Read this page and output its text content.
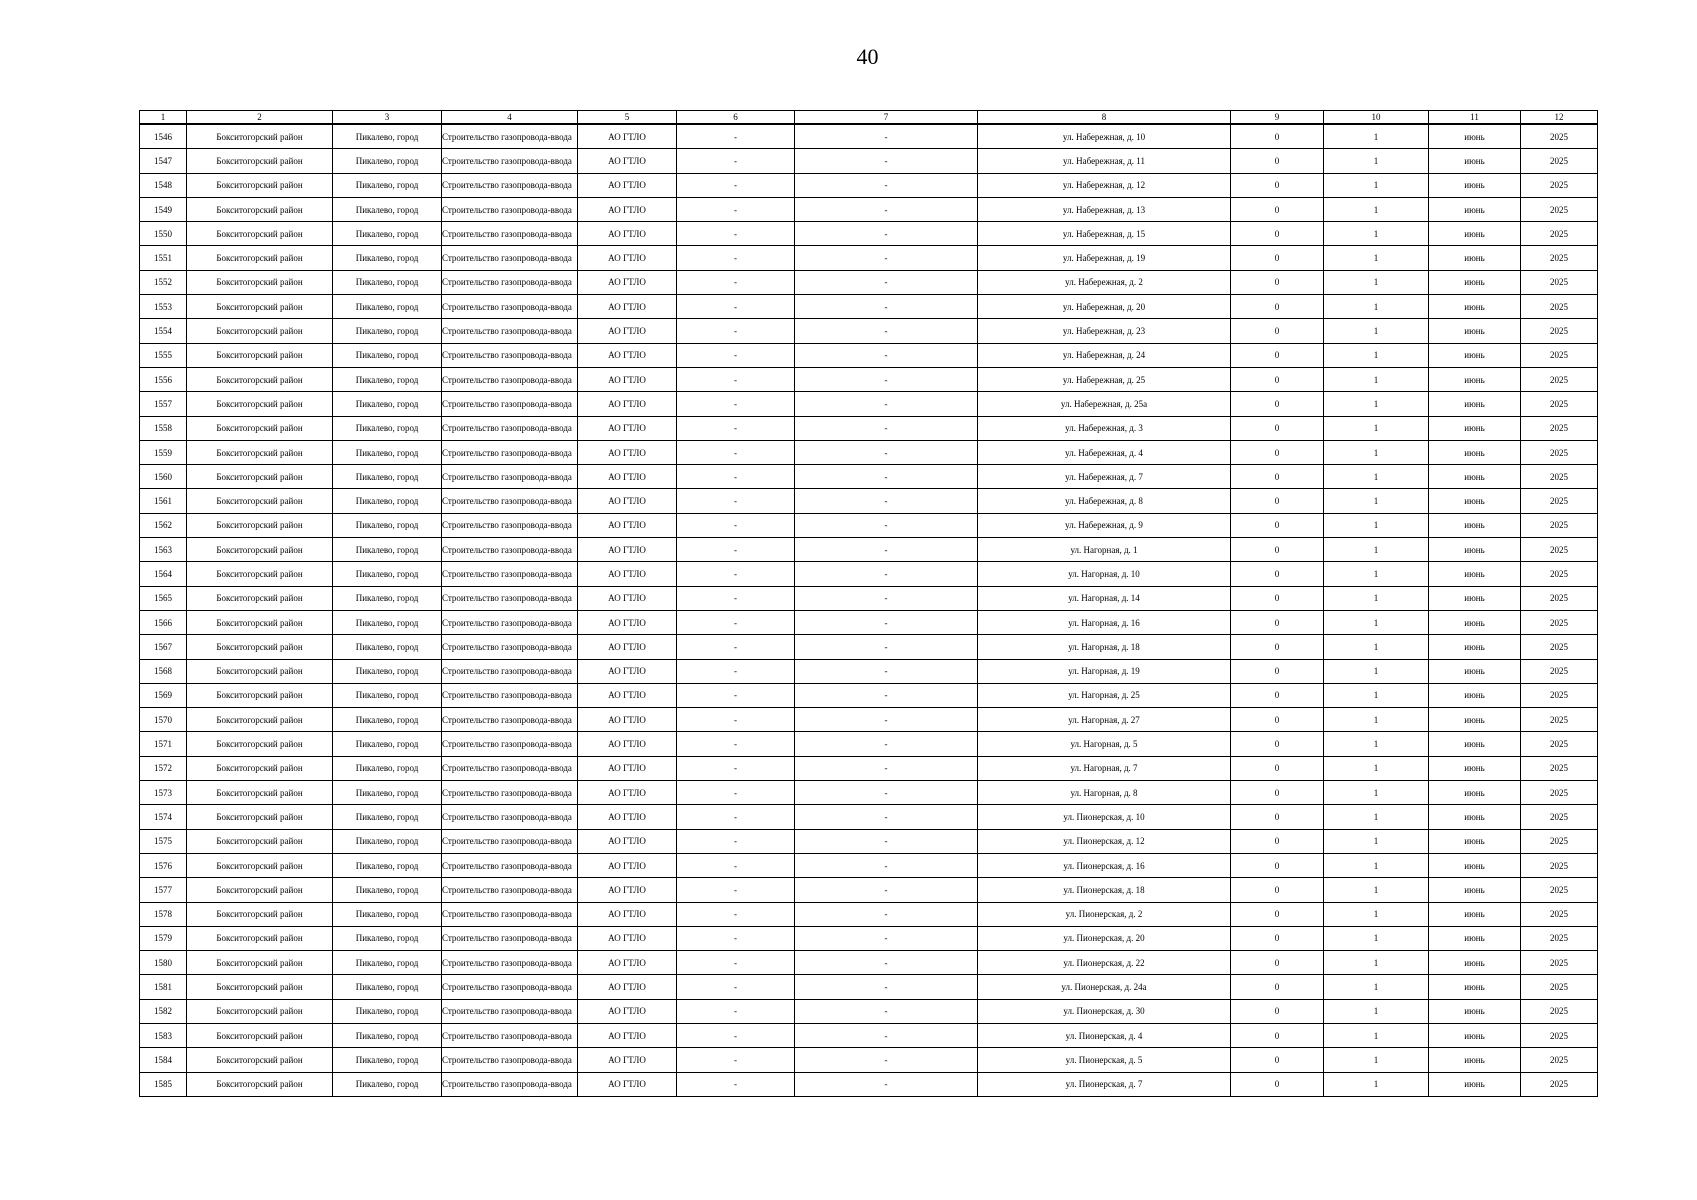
40
1	2	3	4	5	6	7	8	9	10	11	12
1546	Бокситогорский район	Пикалево, город	Строительство газопровода-ввода	АО ГТЛО	-	-	ул. Набережная, д. 10	0	1	июнь	2025
1547	Бокситогорский район	Пикалево, город	Строительство газопровода-ввода	АО ГТЛО	-	-	ул. Набережная, д. 11	0	1	июнь	2025
1548	Бокситогорский район	Пикалево, город	Строительство газопровода-ввода	АО ГТЛО	-	-	ул. Набережная, д. 12	0	1	июнь	2025
1549	Бокситогорский район	Пикалево, город	Строительство газопровода-ввода	АО ГТЛО	-	-	ул. Набережная, д. 13	0	1	июнь	2025
1550	Бокситогорский район	Пикалево, город	Строительство газопровода-ввода	АО ГТЛО	-	-	ул. Набережная, д. 15	0	1	июнь	2025
1551	Бокситогорский район	Пикалево, город	Строительство газопровода-ввода	АО ГТЛО	-	-	ул. Набережная, д. 19	0	1	июнь	2025
1552	Бокситогорский район	Пикалево, город	Строительство газопровода-ввода	АО ГТЛО	-	-	ул. Набережная, д. 2	0	1	июнь	2025
1553	Бокситогорский район	Пикалево, город	Строительство газопровода-ввода	АО ГТЛО	-	-	ул. Набережная, д. 20	0	1	июнь	2025
1554	Бокситогорский район	Пикалево, город	Строительство газопровода-ввода	АО ГТЛО	-	-	ул. Набережная, д. 23	0	1	июнь	2025
1555	Бокситогорский район	Пикалево, город	Строительство газопровода-ввода	АО ГТЛО	-	-	ул. Набережная, д. 24	0	1	июнь	2025
1556	Бокситогорский район	Пикалево, город	Строительство газопровода-ввода	АО ГТЛО	-	-	ул. Набережная, д. 25	0	1	июнь	2025
1557	Бокситогорский район	Пикалево, город	Строительство газопровода-ввода	АО ГТЛО	-	-	ул. Набережная, д. 25а	0	1	июнь	2025
1558	Бокситогорский район	Пикалево, город	Строительство газопровода-ввода	АО ГТЛО	-	-	ул. Набережная, д. 3	0	1	июнь	2025
1559	Бокситогорский район	Пикалево, город	Строительство газопровода-ввода	АО ГТЛО	-	-	ул. Набережная, д. 4	0	1	июнь	2025
1560	Бокситогорский район	Пикалево, город	Строительство газопровода-ввода	АО ГТЛО	-	-	ул. Набережная, д. 7	0	1	июнь	2025
1561	Бокситогорский район	Пикалево, город	Строительство газопровода-ввода	АО ГТЛО	-	-	ул. Набережная, д. 8	0	1	июнь	2025
1562	Бокситогорский район	Пикалево, город	Строительство газопровода-ввода	АО ГТЛО	-	-	ул. Набережная, д. 9	0	1	июнь	2025
1563	Бокситогорский район	Пикалево, город	Строительство газопровода-ввода	АО ГТЛО	-	-	ул. Нагорная, д. 1	0	1	июнь	2025
1564	Бокситогорский район	Пикалево, город	Строительство газопровода-ввода	АО ГТЛО	-	-	ул. Нагорная, д. 10	0	1	июнь	2025
1565	Бокситогорский район	Пикалево, город	Строительство газопровода-ввода	АО ГТЛО	-	-	ул. Нагорная, д. 14	0	1	июнь	2025
1566	Бокситогорский район	Пикалево, город	Строительство газопровода-ввода	АО ГТЛО	-	-	ул. Нагорная, д. 16	0	1	июнь	2025
1567	Бокситогорский район	Пикалево, город	Строительство газопровода-ввода	АО ГТЛО	-	-	ул. Нагорная, д. 18	0	1	июнь	2025
1568	Бокситогорский район	Пикалево, город	Строительство газопровода-ввода	АО ГТЛО	-	-	ул. Нагорная, д. 19	0	1	июнь	2025
1569	Бокситогорский район	Пикалево, город	Строительство газопровода-ввода	АО ГТЛО	-	-	ул. Нагорная, д. 25	0	1	июнь	2025
1570	Бокситогорский район	Пикалево, город	Строительство газопровода-ввода	АО ГТЛО	-	-	ул. Нагорная, д. 27	0	1	июнь	2025
1571	Бокситогорский район	Пикалево, город	Строительство газопровода-ввода	АО ГТЛО	-	-	ул. Нагорная, д. 5	0	1	июнь	2025
1572	Бокситогорский район	Пикалево, город	Строительство газопровода-ввода	АО ГТЛО	-	-	ул. Нагорная, д. 7	0	1	июнь	2025
1573	Бокситогорский район	Пикалево, город	Строительство газопровода-ввода	АО ГТЛО	-	-	ул. Нагорная, д. 8	0	1	июнь	2025
1574	Бокситогорский район	Пикалево, город	Строительство газопровода-ввода	АО ГТЛО	-	-	ул. Пионерская, д. 10	0	1	июнь	2025
1575	Бокситогорский район	Пикалево, город	Строительство газопровода-ввода	АО ГТЛО	-	-	ул. Пионерская, д. 12	0	1	июнь	2025
1576	Бокситогорский район	Пикалево, город	Строительство газопровода-ввода	АО ГТЛО	-	-	ул. Пионерская, д. 16	0	1	июнь	2025
1577	Бокситогорский район	Пикалево, город	Строительство газопровода-ввода	АО ГТЛО	-	-	ул. Пионерская, д. 18	0	1	июнь	2025
1578	Бокситогорский район	Пикалево, город	Строительство газопровода-ввода	АО ГТЛО	-	-	ул. Пионерская, д. 2	0	1	июнь	2025
1579	Бокситогорский район	Пикалево, город	Строительство газопровода-ввода	АО ГТЛО	-	-	ул. Пионерская, д. 20	0	1	июнь	2025
1580	Бокситогорский район	Пикалево, город	Строительство газопровода-ввода	АО ГТЛО	-	-	ул. Пионерская, д. 22	0	1	июнь	2025
1581	Бокситогорский район	Пикалево, город	Строительство газопровода-ввода	АО ГТЛО	-	-	ул. Пионерская, д. 24а	0	1	июнь	2025
1582	Бокситогорский район	Пикалево, город	Строительство газопровода-ввода	АО ГТЛО	-	-	ул. Пионерская, д. 30	0	1	июнь	2025
1583	Бокситогорский район	Пикалево, город	Строительство газопровода-ввода	АО ГТЛО	-	-	ул. Пионерская, д. 4	0	1	июнь	2025
1584	Бокситогорский район	Пикалево, город	Строительство газопровода-ввода	АО ГТЛО	-	-	ул. Пионерская, д. 5	0	1	июнь	2025
1585	Бокситогорский район	Пикалево, город	Строительство газопровода-ввода	АО ГТЛО	-	-	ул. Пионерская, д. 7	0	1	июнь	2025
